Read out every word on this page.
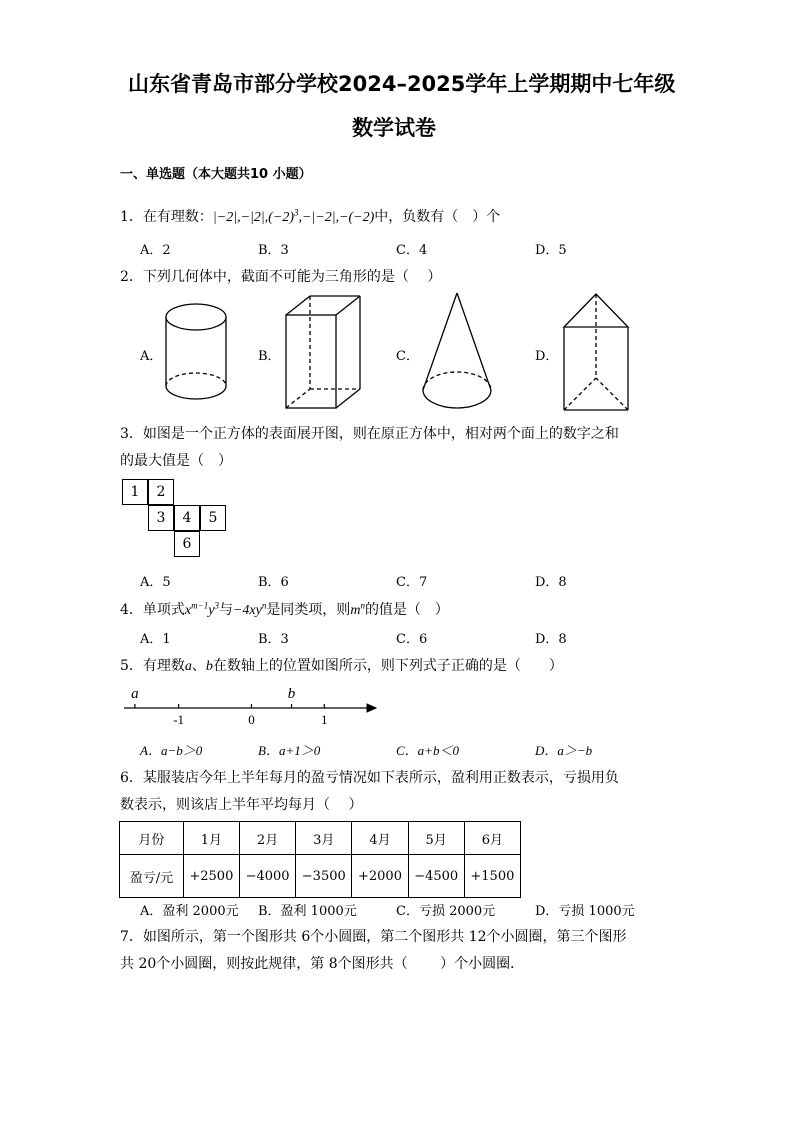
山东省青岛市部分学校2024–2025学年上学期期中七年级
数学试卷
一、单选题（本大题共10 小题）
1．在有理数：$|-2|,-|2|,(-2)^3,-|-2|,-(-2)$中，负数有（　）个
A．2	B．3	C．4	D．5
2．下列几何体中，截面不可能为三角形的是（　 ）
A．	B．	C．	D．
3．如图是一个正方体的表面展开图，则在原正方体中，相对两个面上的数字之和
的最大值是（　）
1	2
3	4	5
6
A．5	B．6	C．7	D．8
4．单项式$x^{m-1}y^3$与$-4xy^n$是同类项，则$m^n$的值是（　）
A．1	B．3	C．6	D．8
5．有理数a、b在数轴上的位置如图所示，则下列式子正确的是（　　）
-1	0	1
a	b
A．a−b＞0	B．a+1＞0	C．a+b＜0	D．a＞−b
6．某服装店今年上半年每月的盈亏情况如下表所示，盈利用正数表示，亏损用负
数表示，则该店上半年平均每月（　 ）
月份	1月	2月	3月	4月	5月	6月
盈亏/元	+2500	−4000	−3500	+2000	−4500	+1500
A．盈利 2000元 B．盈利 1000元	C．亏损 2000元	D．亏损 1000元
7．如图所示，第一个图形共 6个小圆圈，第二个图形共 12个小圆圈，第三个图形
共 20个小圆圈，则按此规律，第 8个图形共（　　 ）个小圆圈．
